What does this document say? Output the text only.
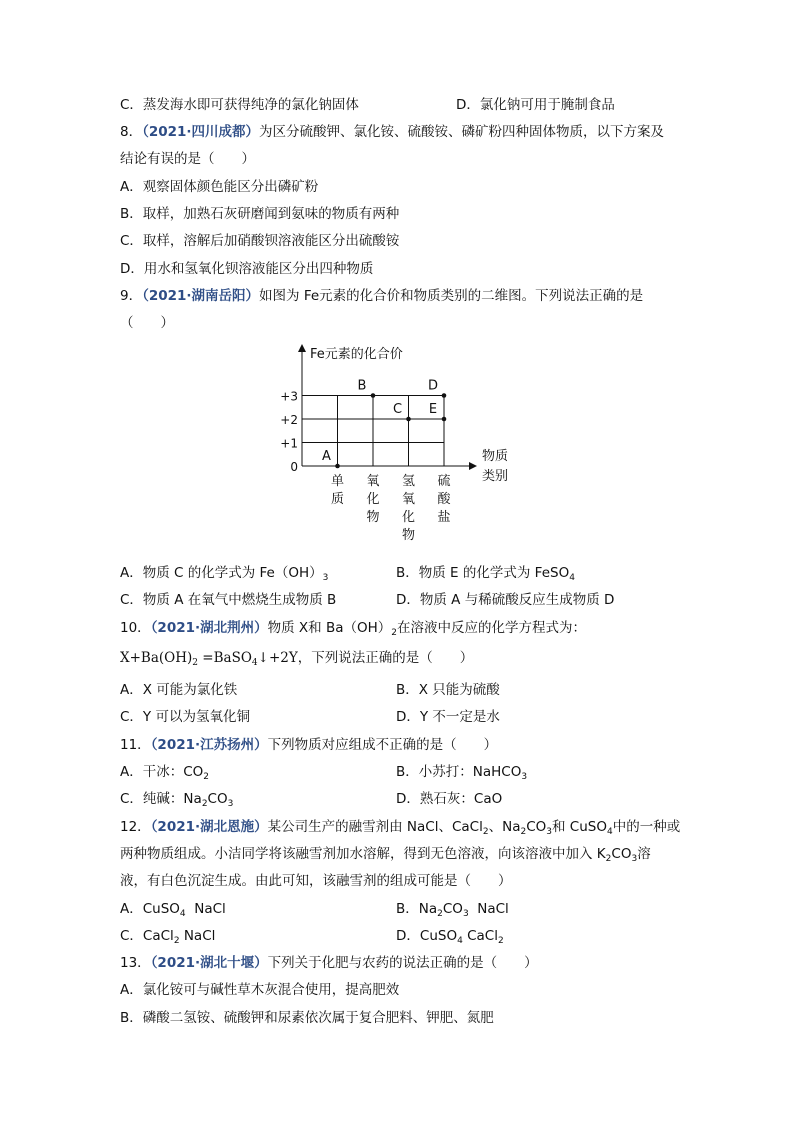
C．蒸发海水即可获得纯净的氯化钠固体	D．氯化钠可用于腌制食品
8．（2021·四川成都）为区分硫酸钾、氯化铵、硫酸铵、磷矿粉四种固体物质，以下方案及
结论有误的是（　　）
A．观察固体颜色能区分出磷矿粉
B．取样，加熟石灰研磨闻到氨味的物质有两种
C．取样，溶解后加硝酸钡溶液能区分出硫酸铵
D．用水和氢氧化钡溶液能区分出四种物质
9．（2021·湖南岳阳）如图为 Fe元素的化合价和物质类别的二维图。下列说法正确的是
（　　）
Fe元素的化合价
物质
类别
0
+1
+2
+3
单
质
氧
化
物
氢
氧
化
物
硫
酸
盐
A
B
C
D
E
A．物质 C 的化学式为 $Fe(OH)_3$	B．物质 E 的化学式为 FeSO$_4$
C．物质 A 在氧气中燃烧生成物质 B	D．物质 A 与稀硫酸反应生成物质 D
10．（2021·湖北荆州）物质 X和 $Ba(OH)_2$在溶液中反应的化学方程式为：
$X+Ba(OH)_2$ =BaSO$_4$↓+2Y，下列说法正确的是（　　）
A．X 可能为氯化铁	B．X 只能为硫酸
C．Y 可以为氢氧化铜	D．Y 不一定是水
11．（2021·江苏扬州）下列物质对应组成不正确的是（　　）
A．干冰：$CO_2$	B．小苏打：NaHCO$_3$
C．纯碱：$Na_2CO_3$	D．熟石灰：CaO
12．（2021·湖北恩施）某公司生产的融雪剂由 NaCl、CaCl$_2$、$Na_2CO_3$和 CuSO$_4$中的一种或
两种物质组成。小洁同学将该融雪剂加水溶解，得到无色溶液，向该溶液中加入 $K_2CO_3$溶
液，有白色沉淀生成。由此可知，该融雪剂的组成可能是（　　）
A．CuSO$_4$  NaCl	B．$Na_2CO_3$  NaCl
C．CaCl$_2$ NaCl	D．CuSO$_4$ CaCl$_2$
13．（2021·湖北十堰）下列关于化肥与农药的说法正确的是（　　）
A．氯化铵可与碱性草木灰混合使用，提高肥效
B．磷酸二氢铵、硫酸钾和尿素依次属于复合肥料、钾肥、氮肥
